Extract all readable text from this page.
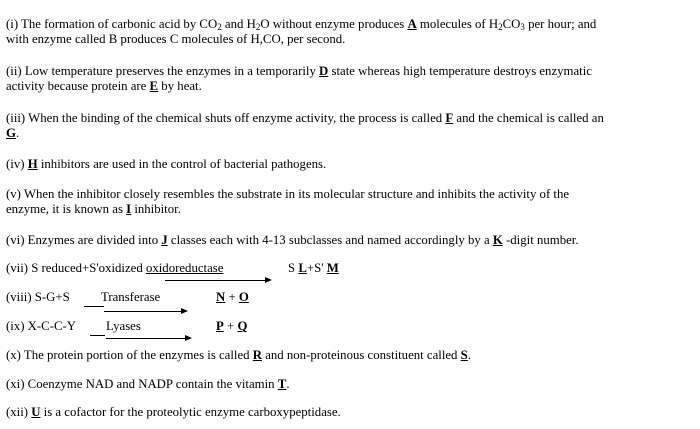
(i) The formation of carbonic acid by $CO_2$ and $H_2O$ without enzyme produces A molecules of $H_2CO_3$ per hour; and
with enzyme called B produces C molecules of H,CO, per second.
(ii) Low temperature preserves the enzymes in a temporarily D state whereas high temperature destroys enzymatic
activity because protein are E by heat.
(iii) When the binding of the chemical shuts off enzyme activity, the process is called F and the chemical is called an
G.
(iv) H inhibitors are used in the control of bacterial pathogens.
(v) When the inhibitor closely resembles the substrate in its molecular structure and inhibits the activity of the
enzyme, it is known as I inhibitor.
(vi) Enzymes are divided into J classes each with 4-13 subclasses and named accordingly by a K -digit number.
(vii) S reduced+S'oxidized oxidoreductase	S L+S' M
(viii) S-G+S Transferase	N + O
(ix) X-C-C-Y Lyases	P + Q
(x) The protein portion of the enzymes is called R and non-proteinous constituent called S.
(xi) Coenzyme NAD and NADP contain the vitamin T.
(xii) U is a cofactor for the proteolytic enzyme carboxypeptidase.
